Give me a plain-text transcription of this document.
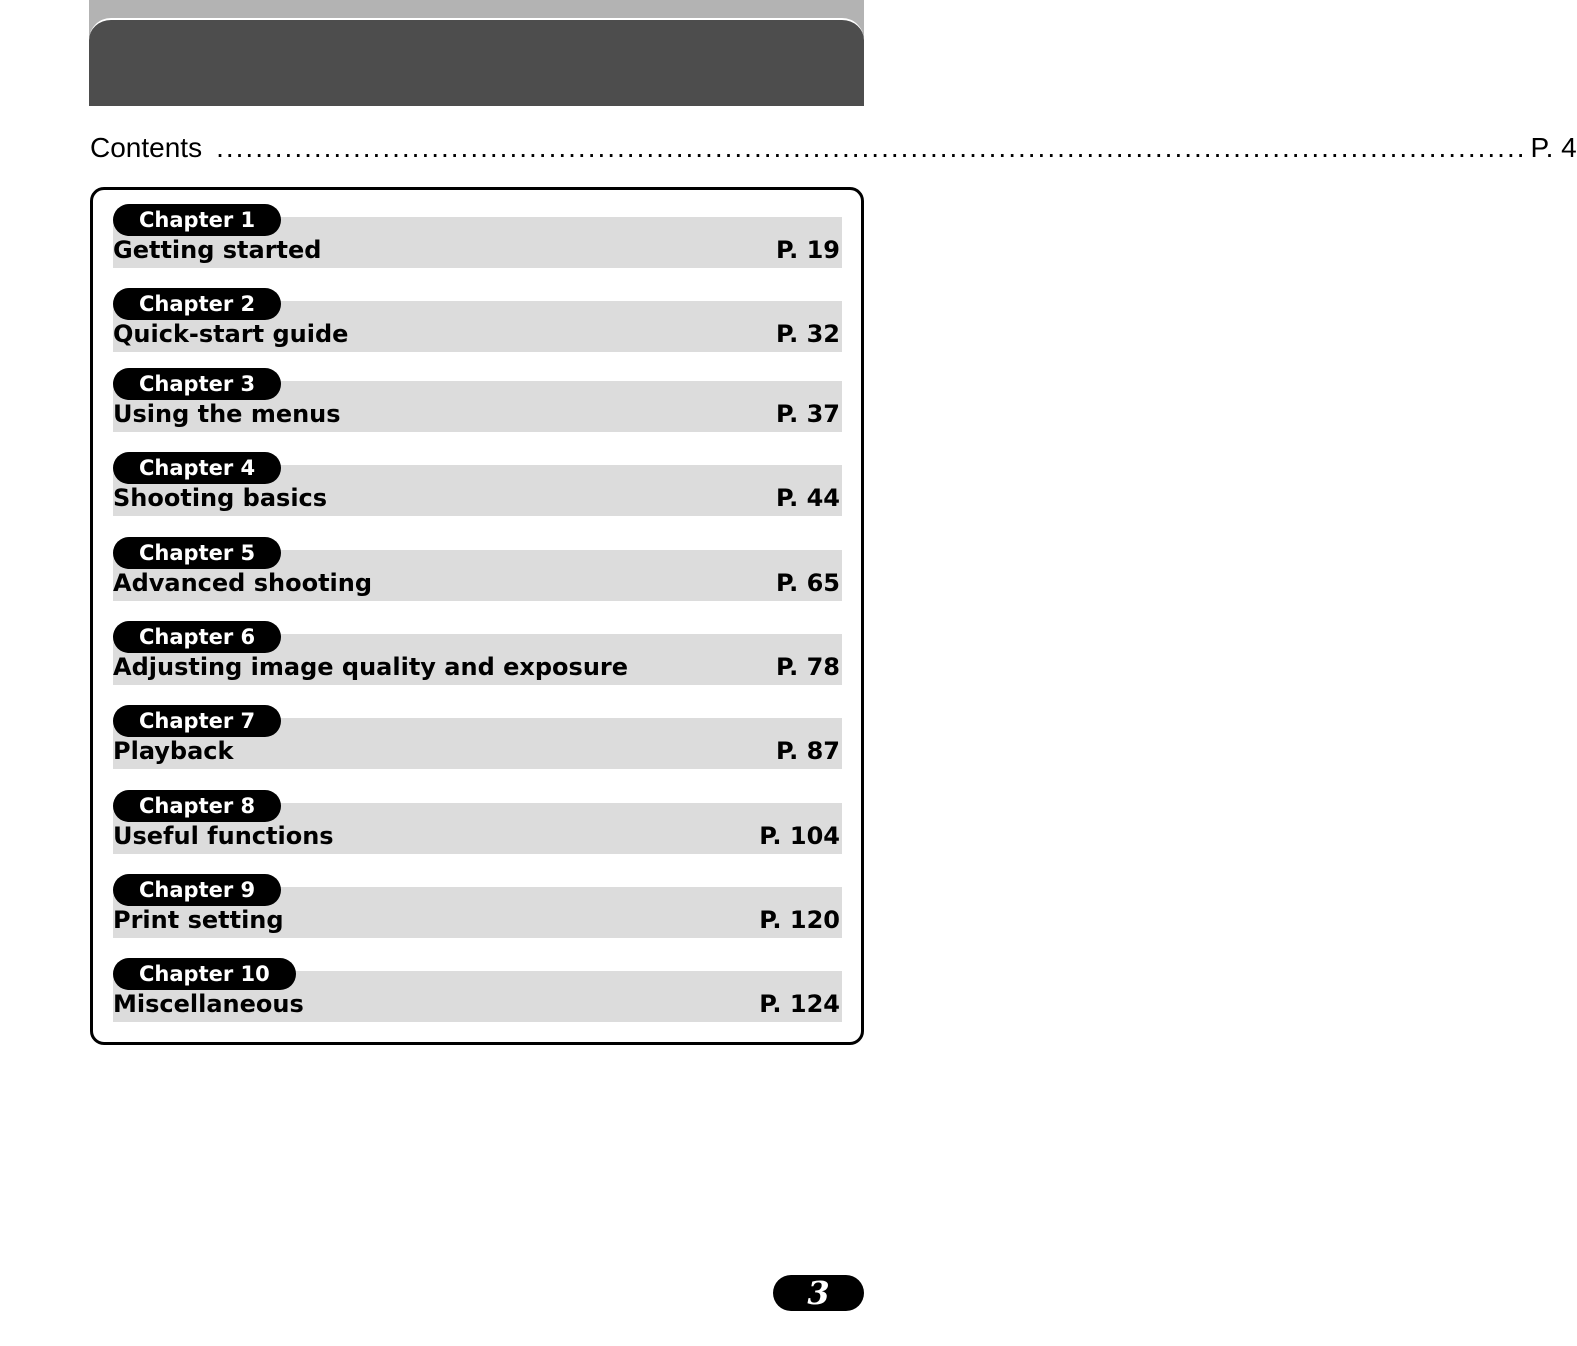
Contents ...................................................................................................................................... P. 4
Chapter 1
Getting started	P. 19
Chapter 2
Quick-start guide	P. 32
Chapter 3
Using the menus	P. 37
Chapter 4
Shooting basics	P. 44
Chapter 5
Advanced shooting	P. 65
Chapter 6
Adjusting image quality and exposure	P. 78
Chapter 7
Playback	P. 87
Chapter 8
Useful functions	P. 104
Chapter 9
Print setting	P. 120
Chapter 10
Miscellaneous	P. 124
3
